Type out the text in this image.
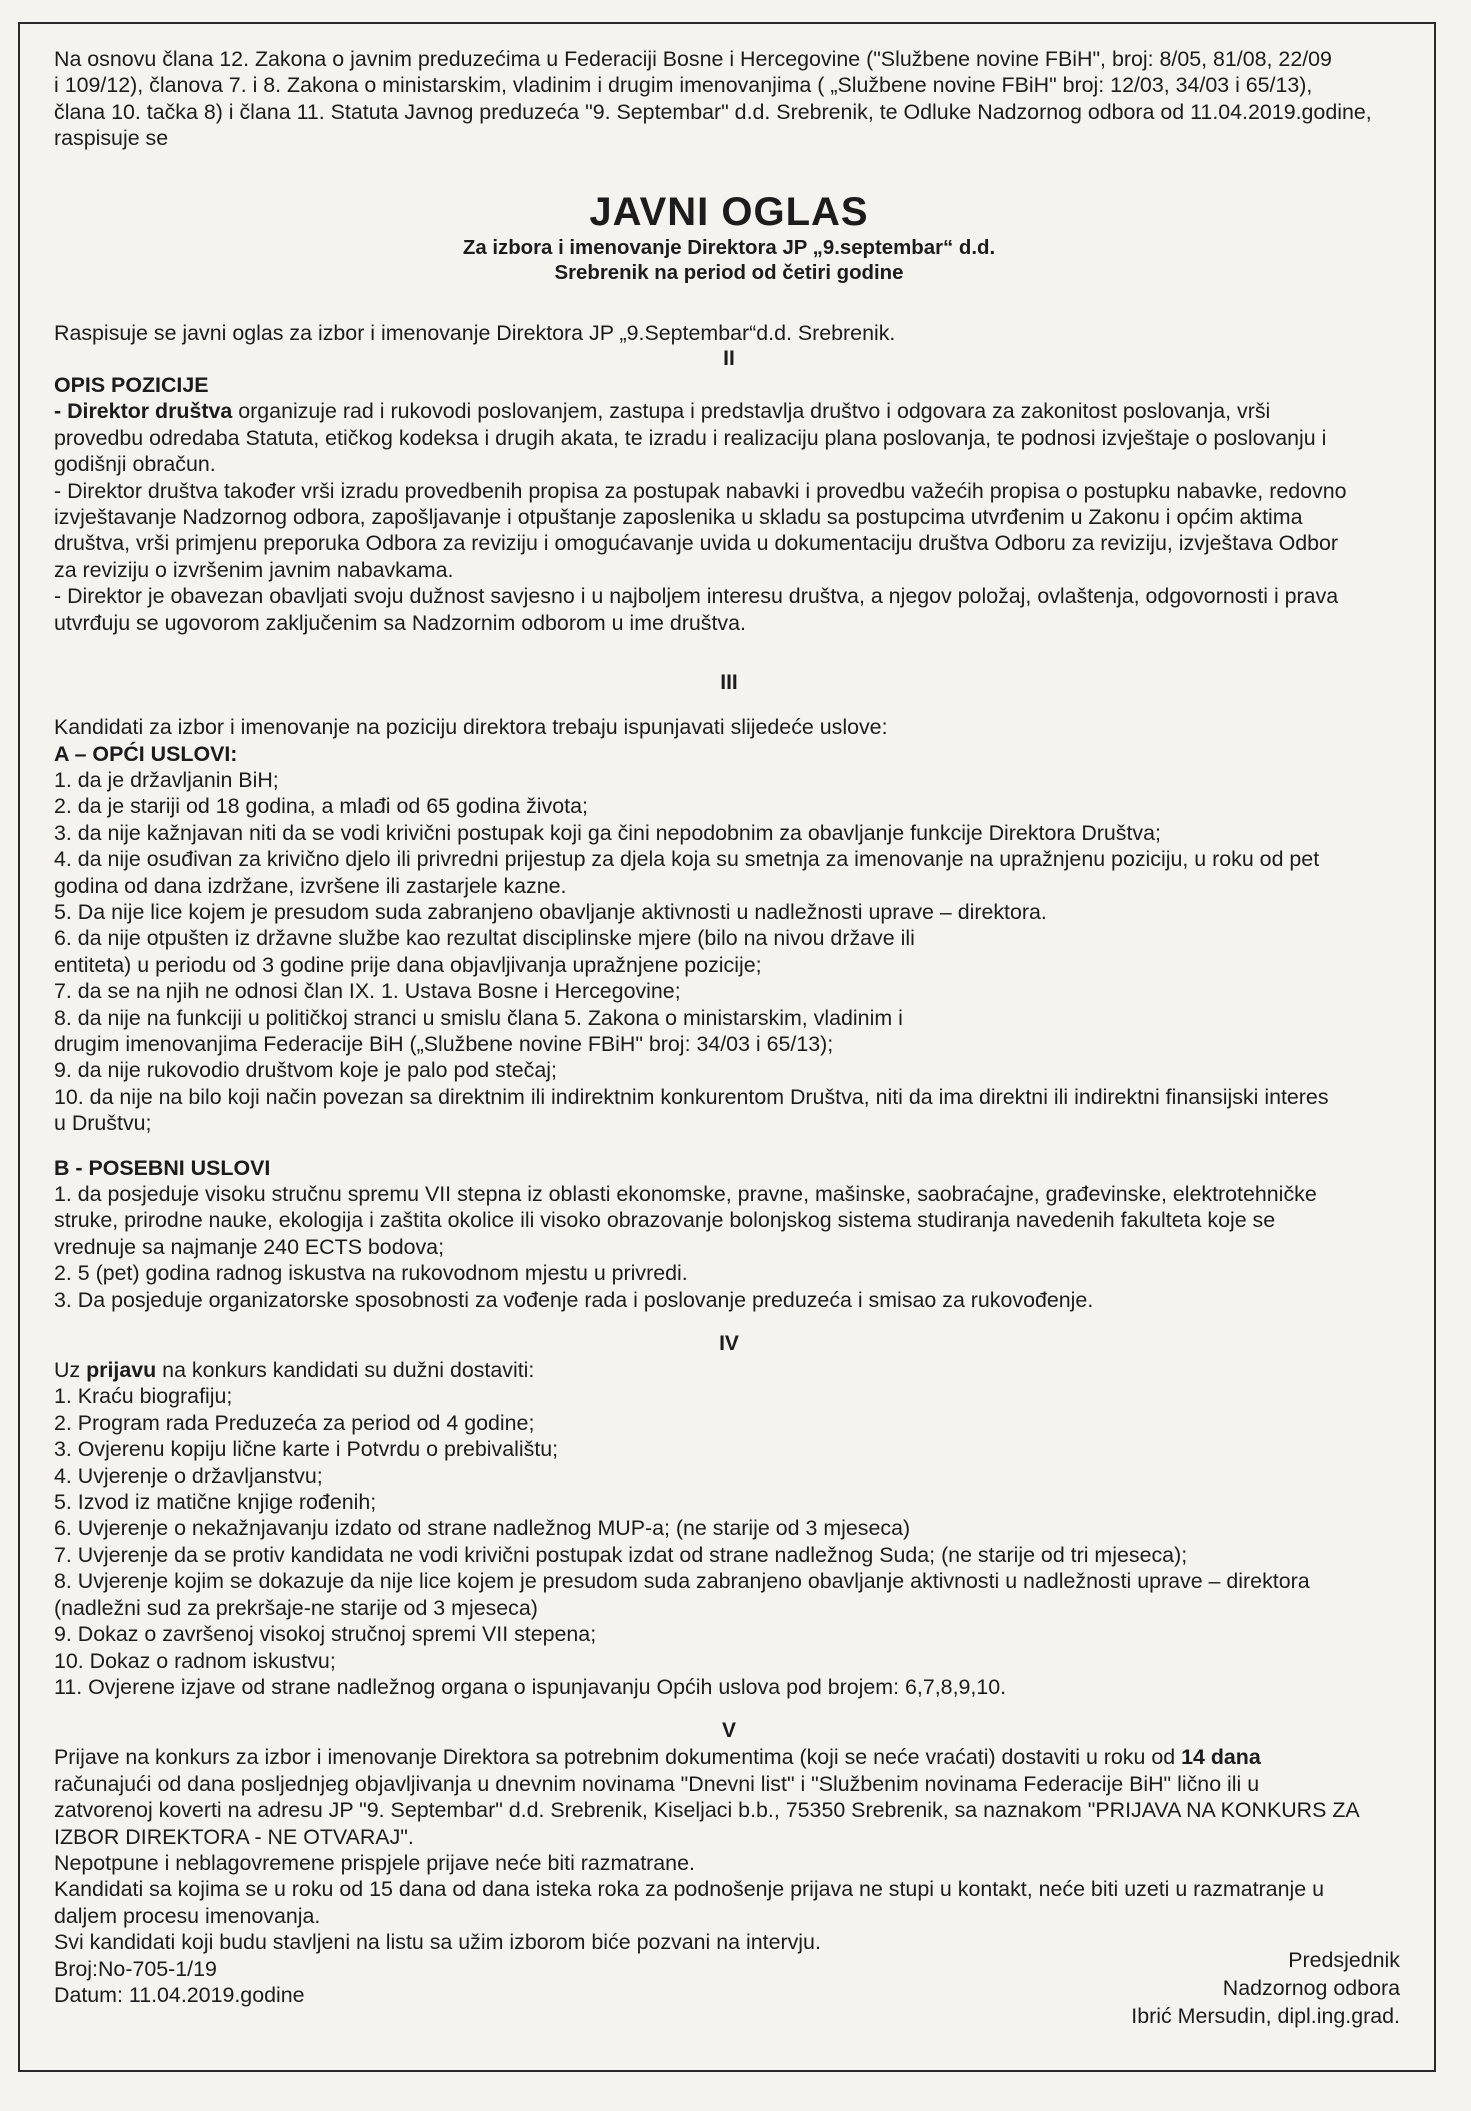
Na osnovu člana 12. Zakona o javnim preduzećima u Federaciji Bosne i Hercegovine ("Službene novine FBiH", broj: 8/05, 81/08, 22/09

i 109/12), članova 7. i 8. Zakona o ministarskim, vladinim i drugim imenovanjima ( „Službene novine FBiH" broj: 12/03, 34/03 i 65/13),

člana 10. tačka 8) i člana 11. Statuta Javnog preduzeća "9. Septembar" d.d. Srebrenik, te Odluke Nadzornog odbora od 11.04.2019.godine,

raspisuje se

JAVNI OGLAS

Za izbora i imenovanje Direktora JP „9.septembar“ d.d.

Srebrenik na period od četiri godine

Raspisuje se javni oglas za izbor i imenovanje Direktora JP „9.Septembar“d.d. Srebrenik.

II

OPIS POZICIJE

- Direktor društva organizuje rad i rukovodi poslovanjem, zastupa i predstavlja društvo i odgovara za zakonitost poslovanja, vrši

provedbu odredaba Statuta, etičkog kodeksa i drugih akata, te izradu i realizaciju plana poslovanja, te podnosi izvještaje o poslovanju i

godišnji obračun.

- Direktor društva također vrši izradu provedbenih propisa za postupak nabavki i provedbu važećih propisa o postupku nabavke, redovno

izvještavanje Nadzornog odbora, zapošljavanje i otpuštanje zaposlenika u skladu sa postupcima utvrđenim u Zakonu i općim aktima

društva, vrši primjenu preporuka Odbora za reviziju i omogućavanje uvida u dokumentaciju društva Odboru za reviziju, izvještava Odbor

za reviziju o izvršenim javnim nabavkama.

- Direktor je obavezan obavljati svoju dužnost savjesno i u najboljem interesu društva, a njegov položaj, ovlaštenja, odgovornosti i prava

utvrđuju se ugovorom zaključenim sa Nadzornim odborom u ime društva.

III

Kandidati za izbor i imenovanje na poziciju direktora trebaju ispunjavati slijedeće uslove:

A – OPĆI USLOVI:

1. da je državljanin BiH;

2. da je stariji od 18 godina, a mlađi od 65 godina života;

3. da nije kažnjavan niti da se vodi krivični postupak koji ga čini nepodobnim za obavljanje funkcije Direktora Društva;

4. da nije osuđivan za krivično djelo ili privredni prijestup za djela koja su smetnja za imenovanje na upražnjenu poziciju, u roku od pet

godina od dana izdržane, izvršene ili zastarjele kazne.

5. Da nije lice kojem je presudom suda zabranjeno obavljanje aktivnosti u nadležnosti uprave – direktora.

6. da nije otpušten iz državne službe kao rezultat disciplinske mjere (bilo na nivou države ili

entiteta) u periodu od 3 godine prije dana objavljivanja upražnjene pozicije;

7. da se na njih ne odnosi član IX. 1. Ustava Bosne i Hercegovine;

8. da nije na funkciji u političkoj stranci u smislu člana 5. Zakona o ministarskim, vladinim i

drugim imenovanjima Federacije BiH („Službene novine FBiH" broj: 34/03 i 65/13);

9. da nije rukovodio društvom koje je palo pod stečaj;

10. da nije na bilo koji način povezan sa direktnim ili indirektnim konkurentom Društva, niti da ima direktni ili indirektni finansijski interes

u Društvu;

B - POSEBNI USLOVI

1. da posjeduje visoku stručnu spremu VII stepna iz oblasti ekonomske, pravne, mašinske, saobraćajne, građevinske, elektrotehničke

struke, prirodne nauke, ekologija i zaštita okolice ili visoko obrazovanje bolonjskog sistema studiranja navedenih fakulteta koje se

vrednuje sa najmanje 240 ECTS bodova;

2. 5 (pet) godina radnog iskustva na rukovodnom mjestu u privredi.

3. Da posjeduje organizatorske sposobnosti za vođenje rada i poslovanje preduzeća i smisao za rukovođenje.

IV

Uz prijavu na konkurs kandidati su dužni dostaviti:

1. Kraću biografiju;

2. Program rada Preduzeća za period od 4 godine;

3. Ovjerenu kopiju lične karte i Potvrdu o prebivalištu;

4. Uvjerenje o državljanstvu;

5. Izvod iz matične knjige rođenih;

6. Uvjerenje o nekažnjavanju izdato od strane nadležnog MUP-a; (ne starije od 3 mjeseca)

7. Uvjerenje da se protiv kandidata ne vodi krivični postupak izdat od strane nadležnog Suda; (ne starije od tri mjeseca);

8. Uvjerenje kojim se dokazuje da nije lice kojem je presudom suda zabranjeno obavljanje aktivnosti u nadležnosti uprave – direktora

(nadležni sud za prekršaje-ne starije od 3 mjeseca)

9. Dokaz o završenoj visokoj stručnoj spremi VII stepena;

10. Dokaz o radnom iskustvu;

11. Ovjerene izjave od strane nadležnog organa o ispunjavanju Općih uslova pod brojem: 6,7,8,9,10.

V

Prijave na konkurs za izbor i imenovanje Direktora sa potrebnim dokumentima (koji se neće vraćati) dostaviti u roku od 14 dana

računajući od dana posljednjeg objavljivanja u dnevnim novinama "Dnevni list" i "Službenim novinama Federacije BiH" lično ili u

zatvorenoj koverti na adresu JP "9. Septembar" d.d. Srebrenik, Kiseljaci b.b., 75350 Srebrenik, sa naznakom "PRIJAVA NA KONKURS ZA

IZBOR DIREKTORA - NE OTVARAJ".

Nepotpune i neblagovremene prispjele prijave neće biti razmatrane.

Kandidati sa kojima se u roku od 15 dana od dana isteka roka za podnošenje prijava ne stupi u kontakt, neće biti uzeti u razmatranje u

daljem procesu imenovanja.

Svi kandidati koji budu stavljeni na listu sa užim izborom biće pozvani na intervju.

Broj:No-705-1/19

Datum: 11.04.2019.godine

Predsjednik

Nadzornog odbora

Ibrić Mersudin, dipl.ing.grad.
